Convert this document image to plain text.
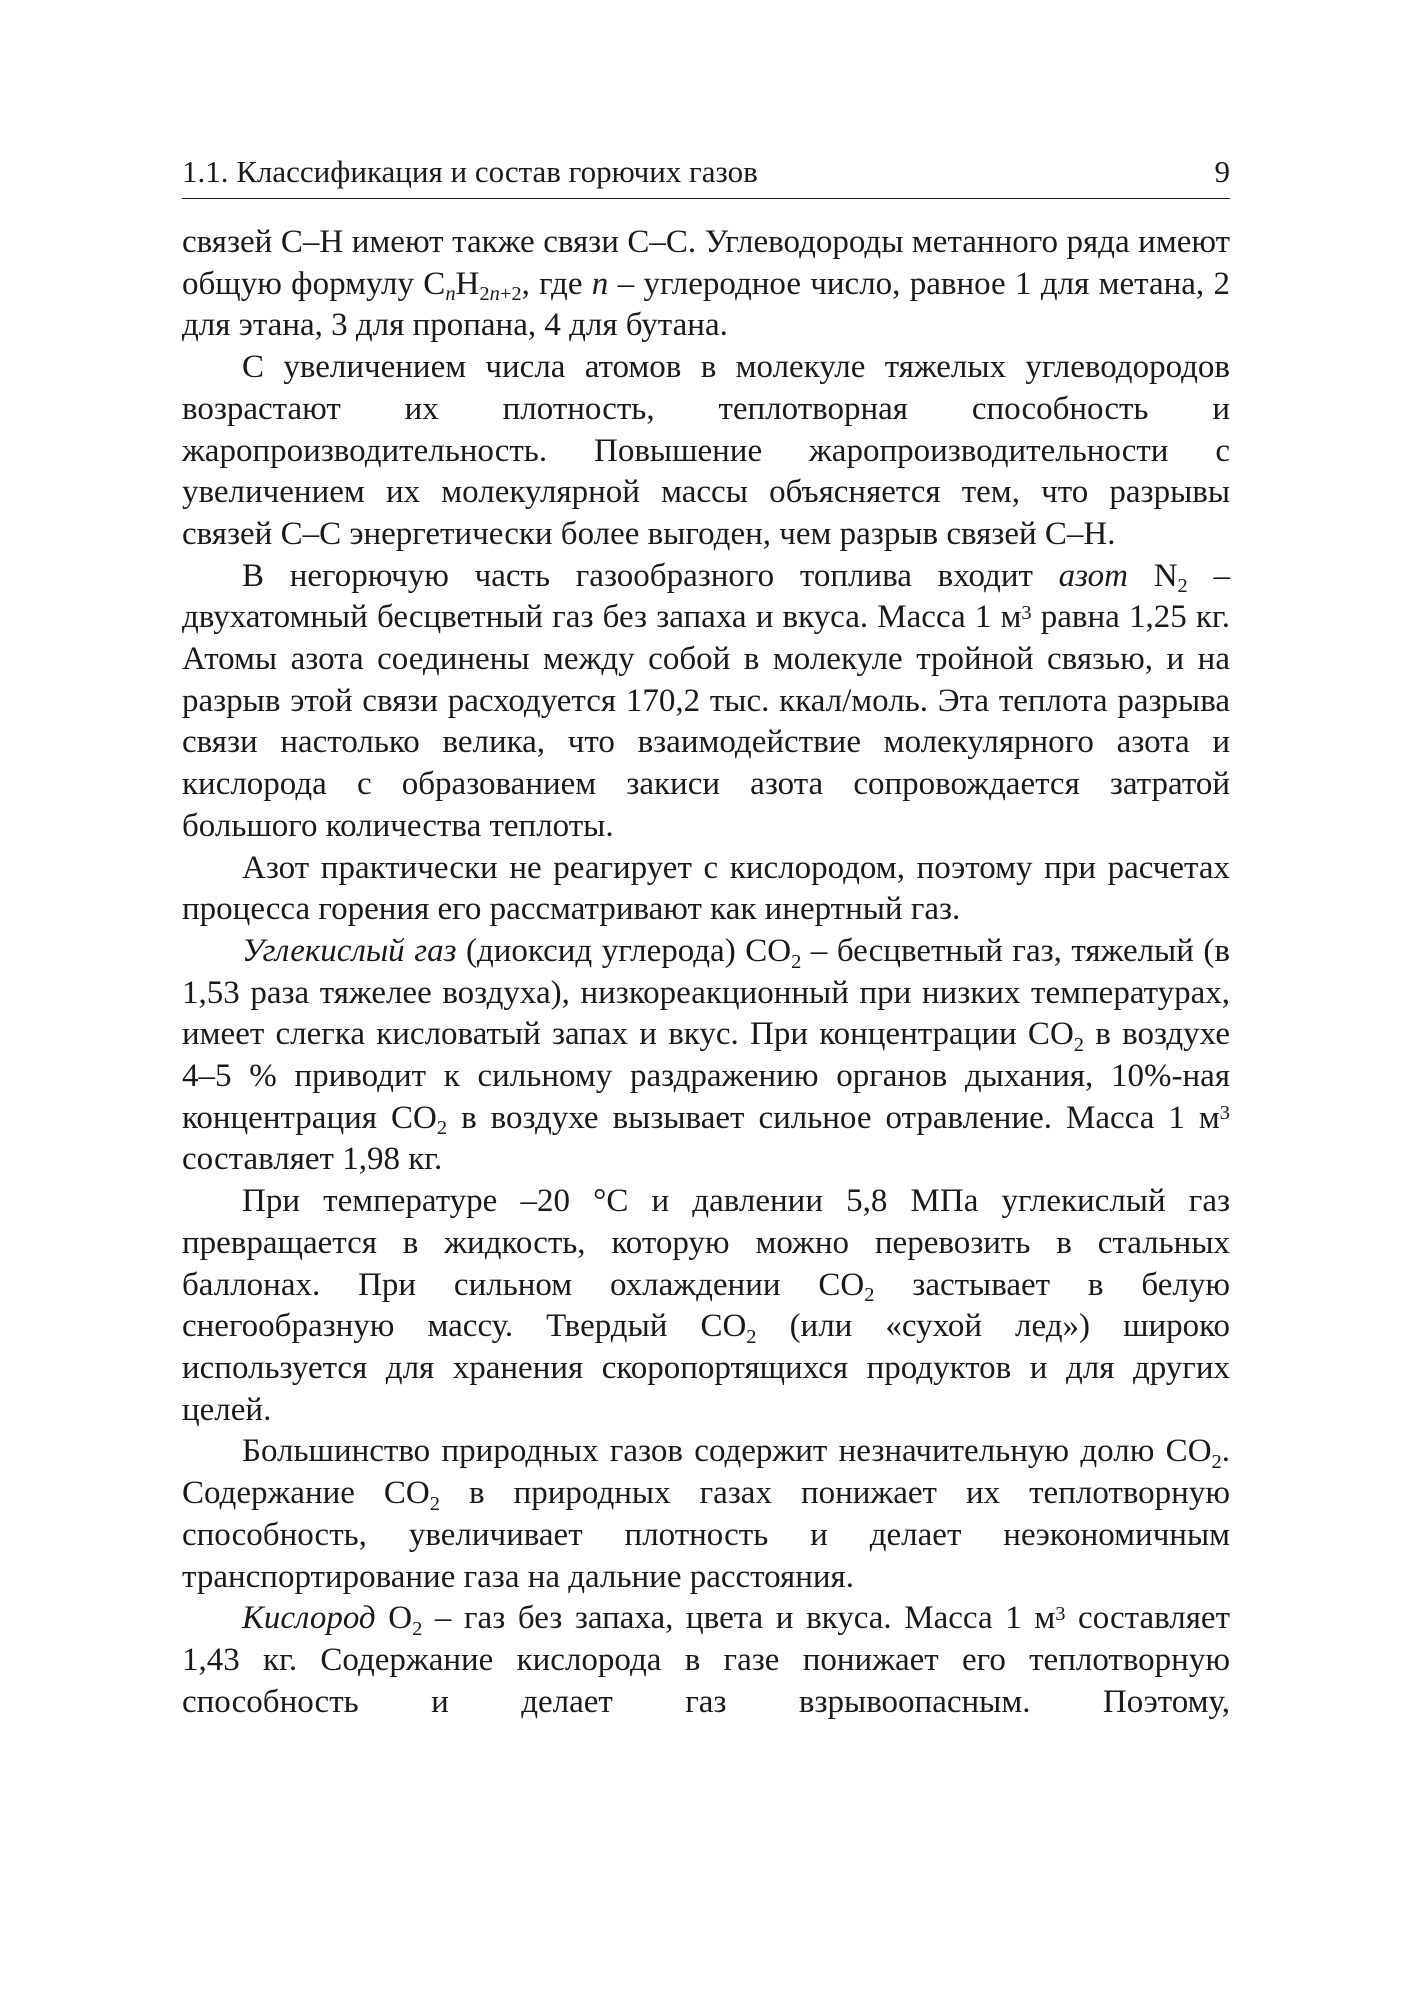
1.1. Классификация и состав горючих газов	9

связей С–Н имеют также связи С–С. Углеводороды метанного ряда имеют общую формулу $C_nH_{2n+2}$, где n – углеродное число, равное 1 для метана, 2 для этана, 3 для пропана, 4 для бутана.

С увеличением числа атомов в молекуле тяжелых углеводородов возрастают их плотность, теплотворная способность и жаропроизводительность. Повышение жаропроизводительности с увеличением их молекулярной массы объясняется тем, что разрывы связей С–С энергетически более выгоден, чем разрыв связей С–Н.

В негорючую часть газообразного топлива входит азот $N_2$ – двухатомный бесцветный газ без запаха и вкуса. Масса 1 $м^3$ равна 1,25 кг. Атомы азота соединены между собой в молекуле тройной связью, и на разрыв этой связи расходуется 170,2 тыс. ккал/моль. Эта теплота разрыва связи настолько велика, что взаимодействие молекулярного азота и кислорода с образованием закиси азота сопровождается затратой большого количества теплоты.

Азот практически не реагирует с кислородом, поэтому при расчетах процесса горения его рассматривают как инертный газ.

Углекислый газ (диоксид углерода) $СО_2$ – бесцветный газ, тяжелый (в 1,53 раза тяжелее воздуха), низкореакционный при низких температурах, имеет слегка кисловатый запах и вкус. При концентрации $СО_2$ в воздухе 4–5 % приводит к сильному раздражению органов дыхания, 10%-ная концентрация $СО_2$ в воздухе вызывает сильное отравление. Масса 1 $м^3$ составляет 1,98 кг.

При температуре –20 °С и давлении 5,8 МПа углекислый газ превращается в жидкость, которую можно перевозить в стальных баллонах. При сильном охлаждении $СО_2$ застывает в белую снегообразную массу. Твердый $СО_2$ (или «сухой лед») широко используется для хранения скоропортящихся продуктов и для других целей.

Большинство природных газов содержит незначительную долю $СО_2$. Содержание $СО_2$ в природных газах понижает их теплотворную способность, увеличивает плотность и делает неэкономичным транспортирование газа на дальние расстояния.

Кислород $О_2$ – газ без запаха, цвета и вкуса. Масса 1 $м^3$ составляет 1,43 кг. Содержание кислорода в газе понижает его теплотворную способность и делает газ взрывоопасным. Поэтому,
